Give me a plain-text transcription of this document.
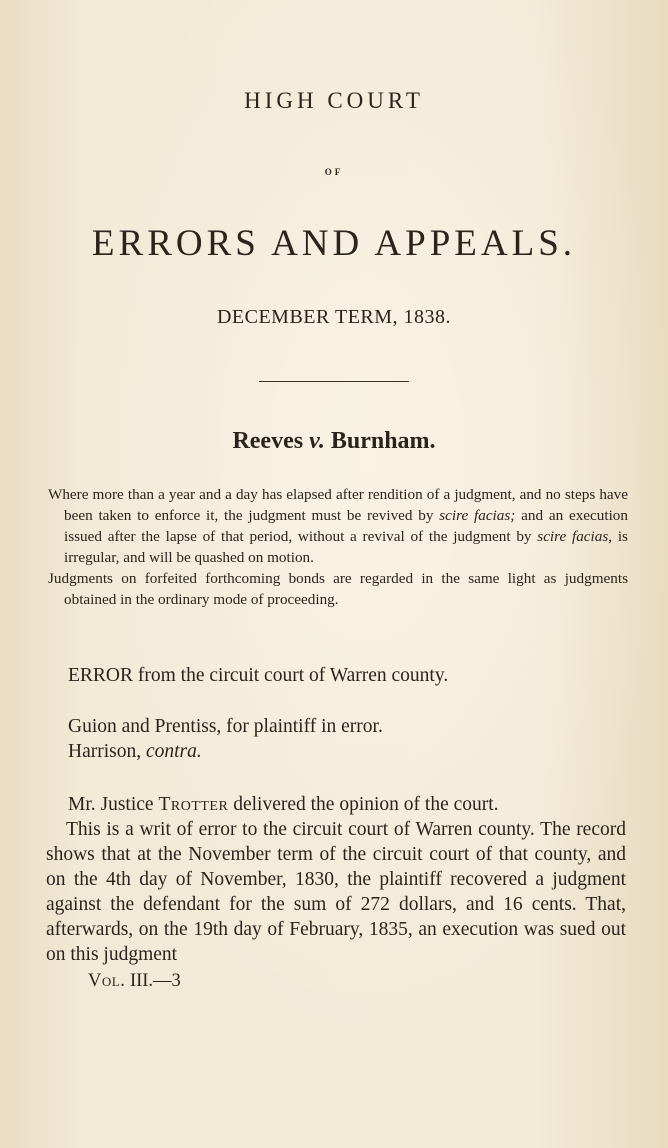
HIGH COURT
OF
ERRORS AND APPEALS.
DECEMBER TERM, 1838.
Reeves v. Burnham.

Where more than a year and a day has elapsed after rendition of a judgment, and no steps have been taken to enforce it, the judgment must be revived by scire facias; and an execution issued after the lapse of that period, without a revival of the judgment by scire facias, is irregular, and will be quashed on motion.

Judgments on forfeited forthcoming bonds are regarded in the same light as judgments obtained in the ordinary mode of proceeding.

ERROR from the circuit court of Warren county.
Guion and Prentiss, for plaintiff in error.
Harrison, contra.

Mr. Justice Trotter delivered the opinion of the court.

This is a writ of error to the circuit court of Warren county. The record shows that at the November term of the circuit court of that county, and on the 4th day of November, 1830, the plaintiff recovered a judgment against the defendant for the sum of 272 dollars, and 16 cents. That, afterwards, on the 19th day of February, 1835, an execution was sued out on this judgment

Vol. III.—3
